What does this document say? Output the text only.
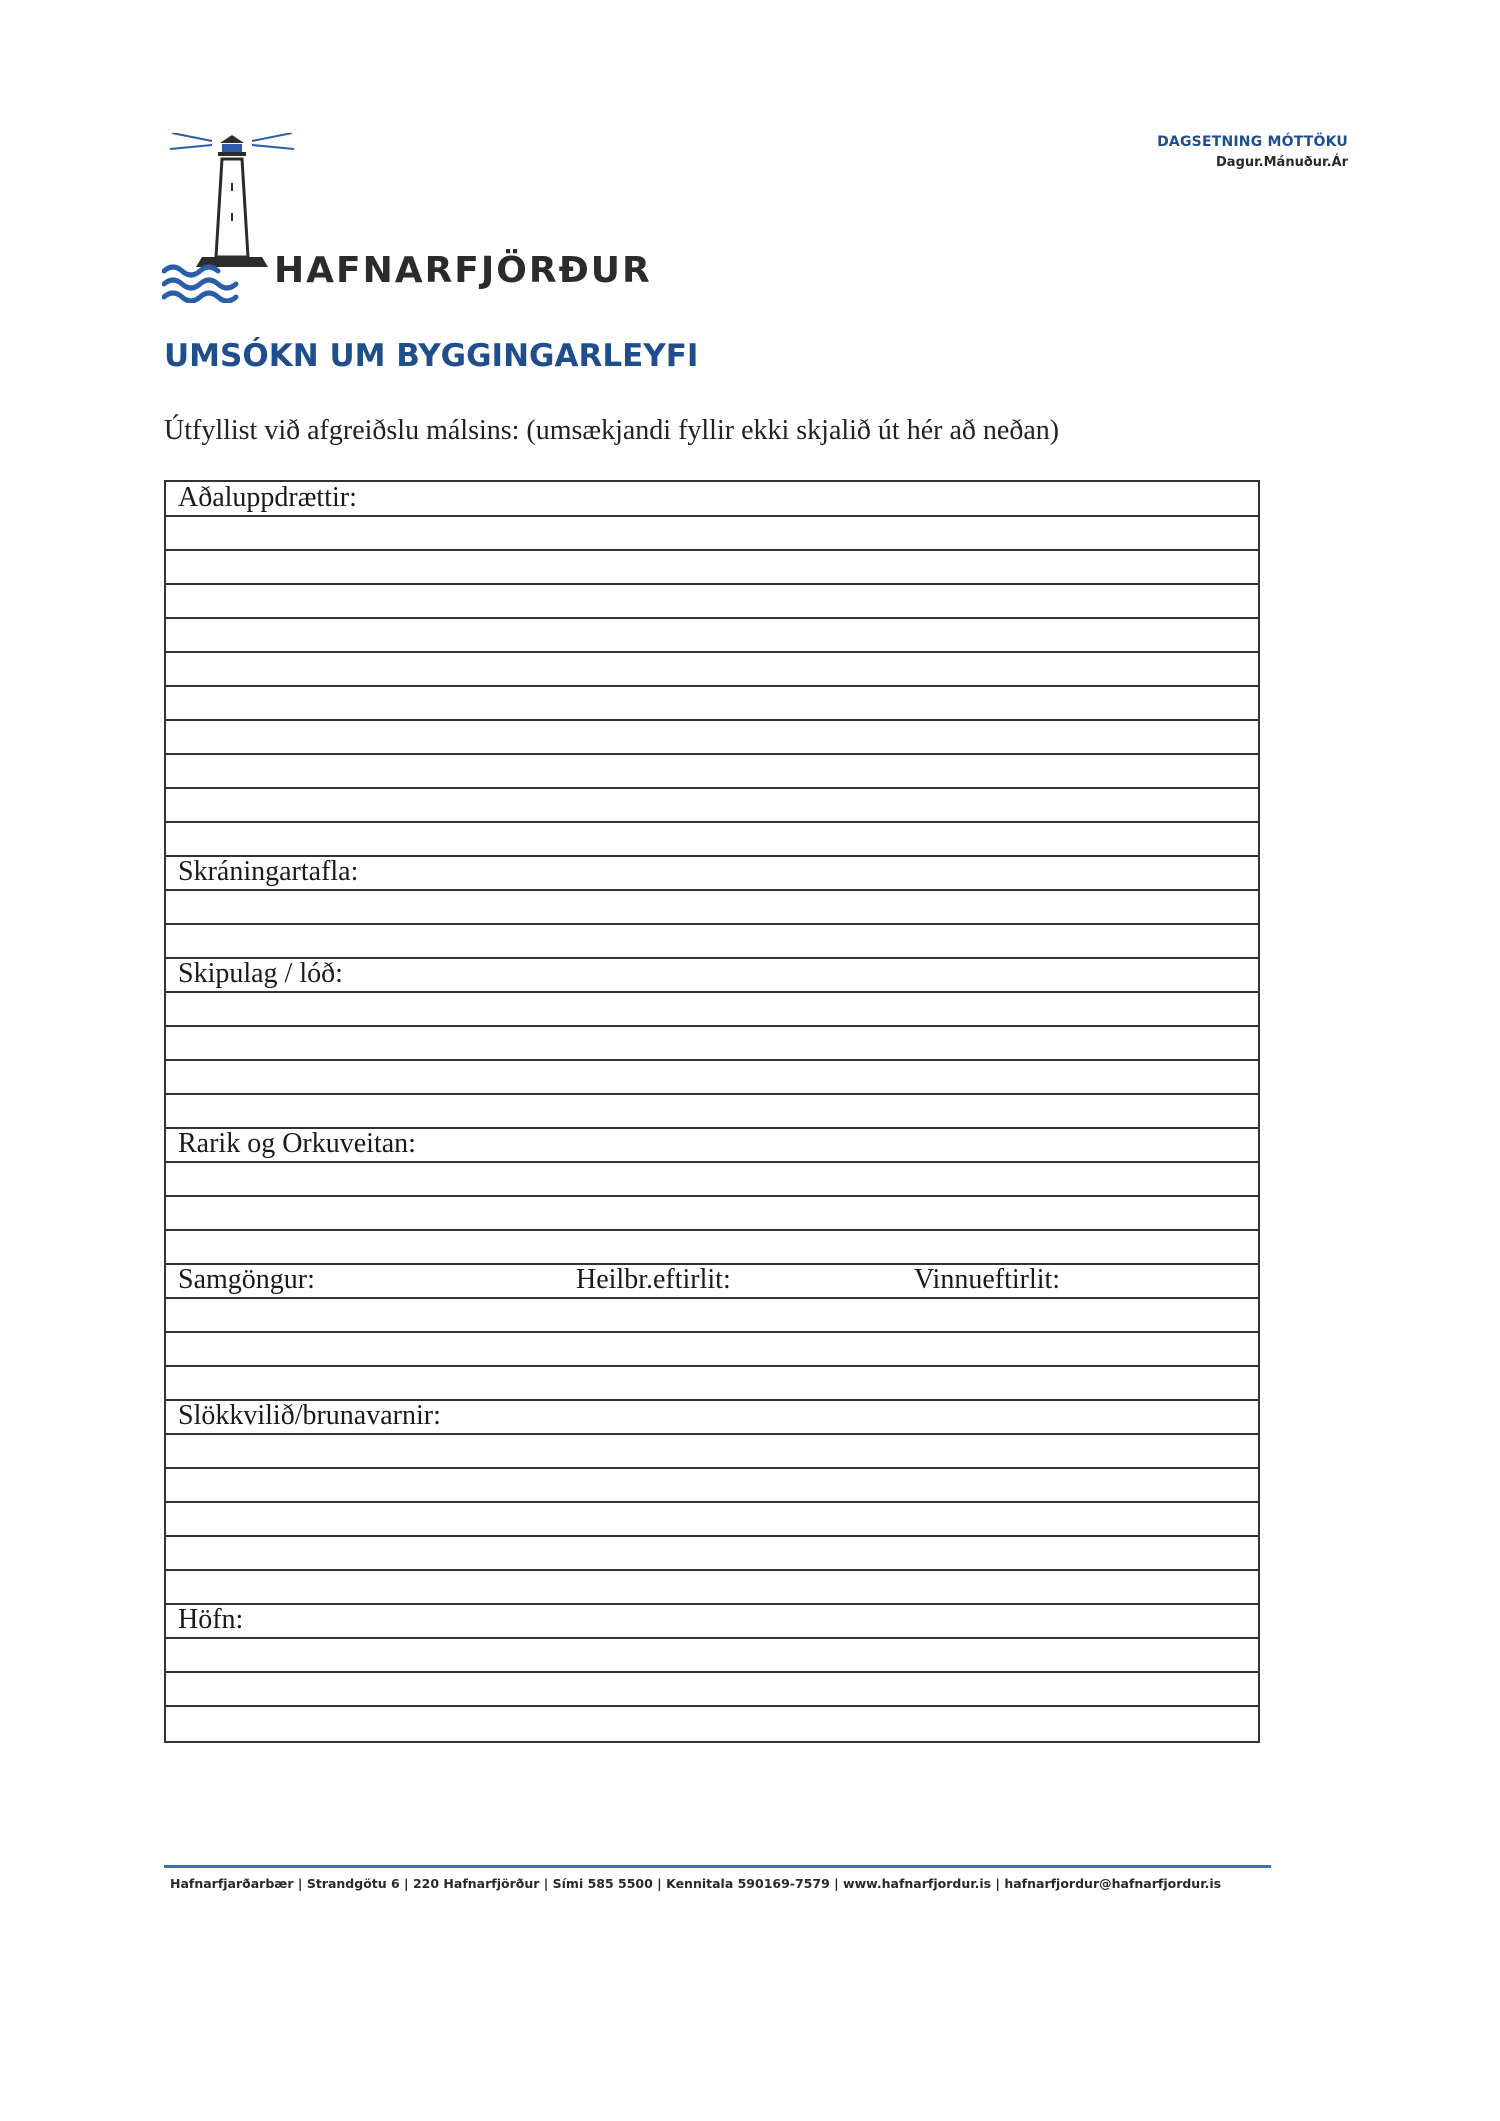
DAGSETNING MÓTTÖKU
Dagur.Mánuður.Ár
HAFNARFJÖRÐUR
UMSÓKN UM BYGGINGARLEYFI
Útfyllist við afgreiðslu málsins: (umsækjandi fyllir ekki skjalið út hér að neðan)
Aðaluppdrættir:
Skráningartafla:
Skipulag / lóð:
Rarik og Orkuveitan:
Samgöngur:	Heilbr.eftirlit:	Vinnueftirlit:
Slökkvilið/brunavarnir:
Höfn:
Hafnarfjarðarbær | Strandgötu 6 | 220 Hafnarfjörður | Sími 585 5500 | Kennitala 590169-7579 | www.hafnarfjordur.is | hafnarfjordur@hafnarfjordur.is
